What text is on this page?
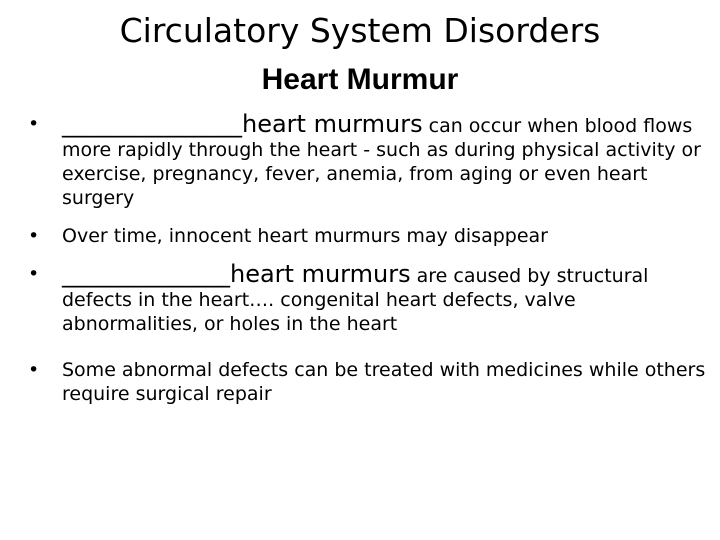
Circulatory System Disorders
Heart Murmur
• _______________heart murmurs can occur when blood flows more rapidly through the heart - such as during physical activity or exercise, pregnancy, fever, anemia, from aging or even heart surgery
• Over time, innocent heart murmurs may disappear
• ______________heart murmurs are caused by structural defects in the heart…. congenital heart defects, valve abnormalities, or holes in the heart
• Some abnormal defects can be treated with medicines while others require surgical repair
